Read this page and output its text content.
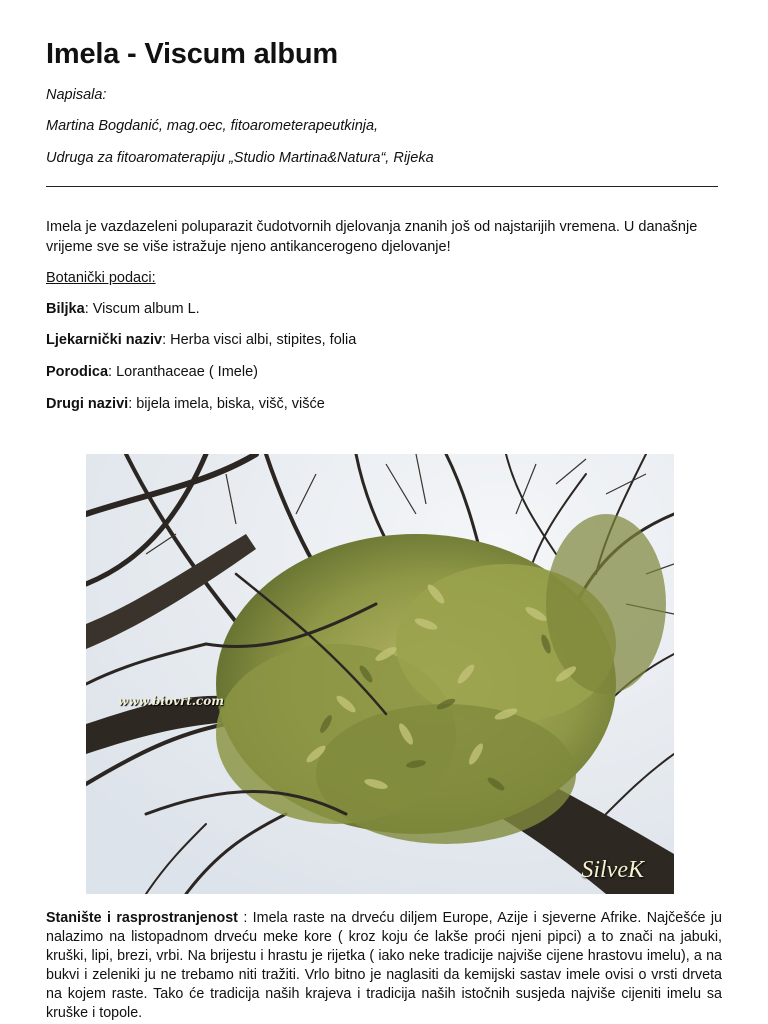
Imela - Viscum album

Napisala:

Martina Bogdanić, mag.oec, fitoarometerapeutkinja,

Udruga za fitoaromaterapiju „Studio Martina&Natura“, Rijeka

Imela je vazdazeleni poluparazit čudotvornih djelovanja znanih još od najstarijih vremena. U današnje vrijeme sve se više istražuje njeno antikancerogeno djelovanje!

Botanički podaci:

Biljka: Viscum album L.

Ljekarnički naziv: Herba visci albi, stipites, folia

Porodica: Loranthaceae ( Imele)

Drugi nazivi: bijela imela, biska, višč, višće

www.biovrt.com
SilveK

Stanište i rasprostranjenost : Imela raste na drveću diljem Europe, Azije i sjeverne Afrike. Najčešće ju nalazimo na listopadnom drveću meke kore ( kroz koju će lakše proći njeni pipci) a to znači na jabuki, kruški, lipi, brezi, vrbi. Na brijestu i hrastu je rijetka ( iako neke tradicije najviše cijene hrastovu imelu), a na bukvi i zeleniki ju ne trebamo niti tražiti. Vrlo bitno je naglasiti da kemijski sastav imele ovisi o vrsti drveta na kojem raste. Tako će tradicija naših krajeva i tradicija naših istočnih susjeda najviše cijeniti imelu sa kruške i topole.
